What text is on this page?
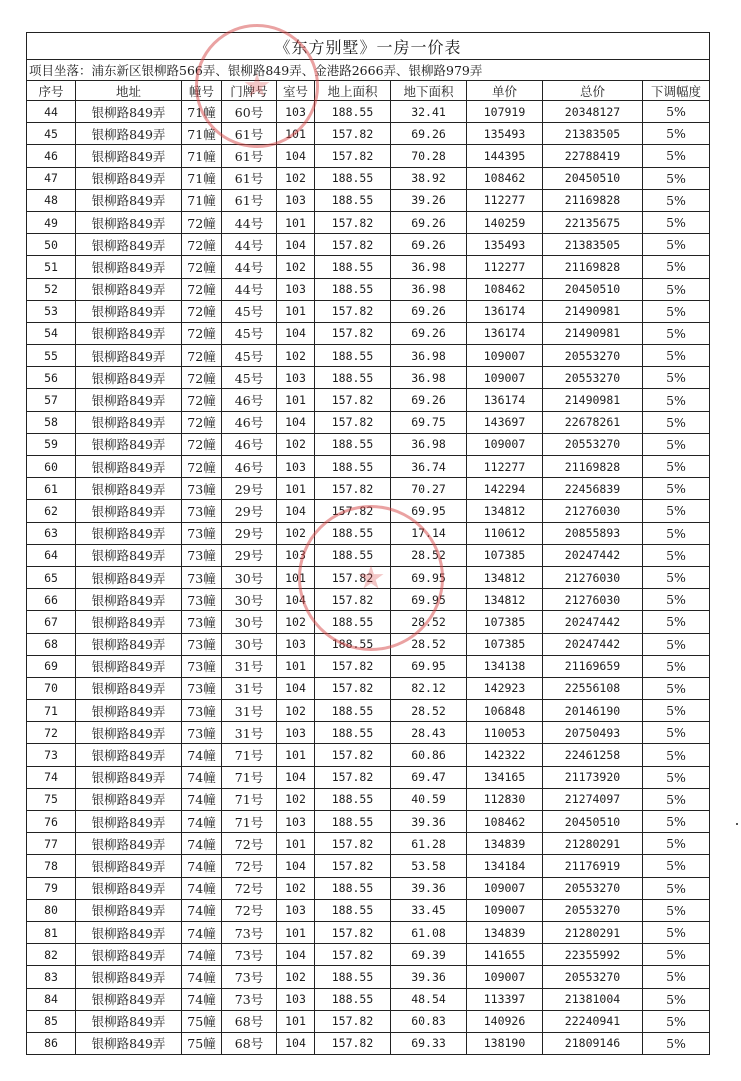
《东方别墅》一房一价表									
项目坐落：浦东新区银柳路566弄、银柳路849弄、金港路2666弄、银柳路979弄									
序号	地址	幢号	门牌号	室号	地上面积	地下面积	单价	总价	下调幅度
44	银柳路849弄	71幢	60号	103	188.55	32.41	107919	20348127	5%
45	银柳路849弄	71幢	61号	101	157.82	69.26	135493	21383505	5%
46	银柳路849弄	71幢	61号	104	157.82	70.28	144395	22788419	5%
47	银柳路849弄	71幢	61号	102	188.55	38.92	108462	20450510	5%
48	银柳路849弄	71幢	61号	103	188.55	39.26	112277	21169828	5%
49	银柳路849弄	72幢	44号	101	157.82	69.26	140259	22135675	5%
50	银柳路849弄	72幢	44号	104	157.82	69.26	135493	21383505	5%
51	银柳路849弄	72幢	44号	102	188.55	36.98	112277	21169828	5%
52	银柳路849弄	72幢	44号	103	188.55	36.98	108462	20450510	5%
53	银柳路849弄	72幢	45号	101	157.82	69.26	136174	21490981	5%
54	银柳路849弄	72幢	45号	104	157.82	69.26	136174	21490981	5%
55	银柳路849弄	72幢	45号	102	188.55	36.98	109007	20553270	5%
56	银柳路849弄	72幢	45号	103	188.55	36.98	109007	20553270	5%
57	银柳路849弄	72幢	46号	101	157.82	69.26	136174	21490981	5%
58	银柳路849弄	72幢	46号	104	157.82	69.75	143697	22678261	5%
59	银柳路849弄	72幢	46号	102	188.55	36.98	109007	20553270	5%
60	银柳路849弄	72幢	46号	103	188.55	36.74	112277	21169828	5%
61	银柳路849弄	73幢	29号	101	157.82	70.27	142294	22456839	5%
62	银柳路849弄	73幢	29号	104	157.82	69.95	134812	21276030	5%
63	银柳路849弄	73幢	29号	102	188.55	17.14	110612	20855893	5%
64	银柳路849弄	73幢	29号	103	188.55	28.52	107385	20247442	5%
65	银柳路849弄	73幢	30号	101	157.82	69.95	134812	21276030	5%
66	银柳路849弄	73幢	30号	104	157.82	69.95	134812	21276030	5%
67	银柳路849弄	73幢	30号	102	188.55	28.52	107385	20247442	5%
68	银柳路849弄	73幢	30号	103	188.55	28.52	107385	20247442	5%
69	银柳路849弄	73幢	31号	101	157.82	69.95	134138	21169659	5%
70	银柳路849弄	73幢	31号	104	157.82	82.12	142923	22556108	5%
71	银柳路849弄	73幢	31号	102	188.55	28.52	106848	20146190	5%
72	银柳路849弄	73幢	31号	103	188.55	28.43	110053	20750493	5%
73	银柳路849弄	74幢	71号	101	157.82	60.86	142322	22461258	5%
74	银柳路849弄	74幢	71号	104	157.82	69.47	134165	21173920	5%
75	银柳路849弄	74幢	71号	102	188.55	40.59	112830	21274097	5%
76	银柳路849弄	74幢	71号	103	188.55	39.36	108462	20450510	5%
77	银柳路849弄	74幢	72号	101	157.82	61.28	134839	21280291	5%
78	银柳路849弄	74幢	72号	104	157.82	53.58	134184	21176919	5%
79	银柳路849弄	74幢	72号	102	188.55	39.36	109007	20553270	5%
80	银柳路849弄	74幢	72号	103	188.55	33.45	109007	20553270	5%
81	银柳路849弄	74幢	73号	101	157.82	61.08	134839	21280291	5%
82	银柳路849弄	74幢	73号	104	157.82	69.39	141655	22355992	5%
83	银柳路849弄	74幢	73号	102	188.55	39.36	109007	20553270	5%
84	银柳路849弄	74幢	73号	103	188.55	48.54	113397	21381004	5%
85	银柳路849弄	75幢	68号	101	157.82	60.83	140926	22240941	5%
86	银柳路849弄	75幢	68号	104	157.82	69.33	138190	21809146	5%
